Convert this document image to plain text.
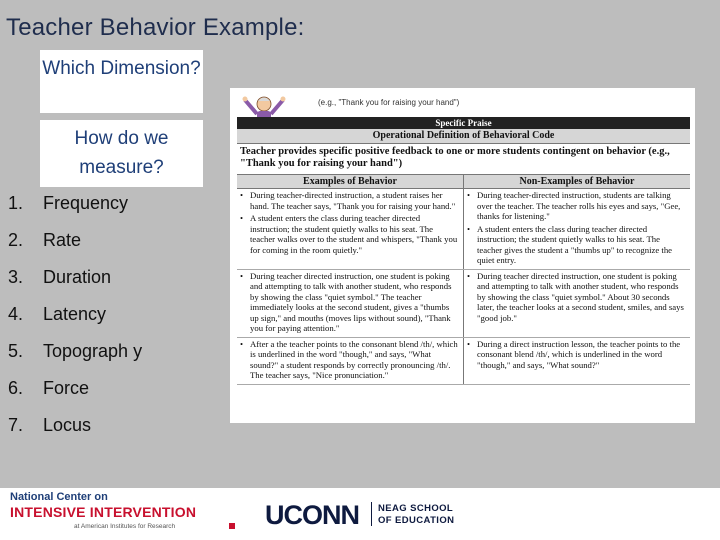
Teacher Behavior Example:
Which Dimension?
How do we measure?
1. Frequency
2. Rate
3. Duration
4. Latency
5. Topograph y
6. Force
7. Locus
(e.g., "Thank you for raising your hand")
Specific Praise
Operational Definition of Behavioral Code
Teacher provides specific positive feedback to one or more students contingent on behavior (e.g., "Thank you for raising your hand")
Examples of Behavior	Non-Examples of Behavior
• During teacher-directed instruction, a student raises her hand. The teacher says, "Thank you for raising your hand."
• A student enters the class during teacher directed instruction; the student quietly walks to his seat. The teacher walks over to the student and whispers, "Thank you for coming in the room quietly."
• During teacher-directed instruction, students are talking over the teacher. The teacher rolls his eyes and says, "Gee, thanks for listening."
• A student enters the class during teacher directed instruction; the student quietly walks to his seat. The teacher gives the student a "thumbs up" to recognize the quiet entry.
• During teacher directed instruction, one student is poking and attempting to talk with another student, who responds by showing the class "quiet symbol." The teacher immediately looks at the second student, gives a "thumbs up sign," and mouths (moves lips without sound), "Thank you for paying attention."
• During teacher directed instruction, one student is poking and attempting to talk with another student, who responds by showing the class "quiet symbol." About 30 seconds later, the teacher looks at a second student, smiles, and says "good job."
• After a the teacher points to the consonant blend /th/, which is underlined in the word "though," and says, "What sound?" a student responds by correctly pronouncing /th/. The teacher says, "Nice pronunciation."
• During a direct instruction lesson, the teacher points to the consonant blend /th/, which is underlined in the word "though," and says, "What sound?"
National Center on
INTENSIVE INTERVENTION
at American Institutes for Research	UCONN NEAG SCHOOL
OF EDUCATION
